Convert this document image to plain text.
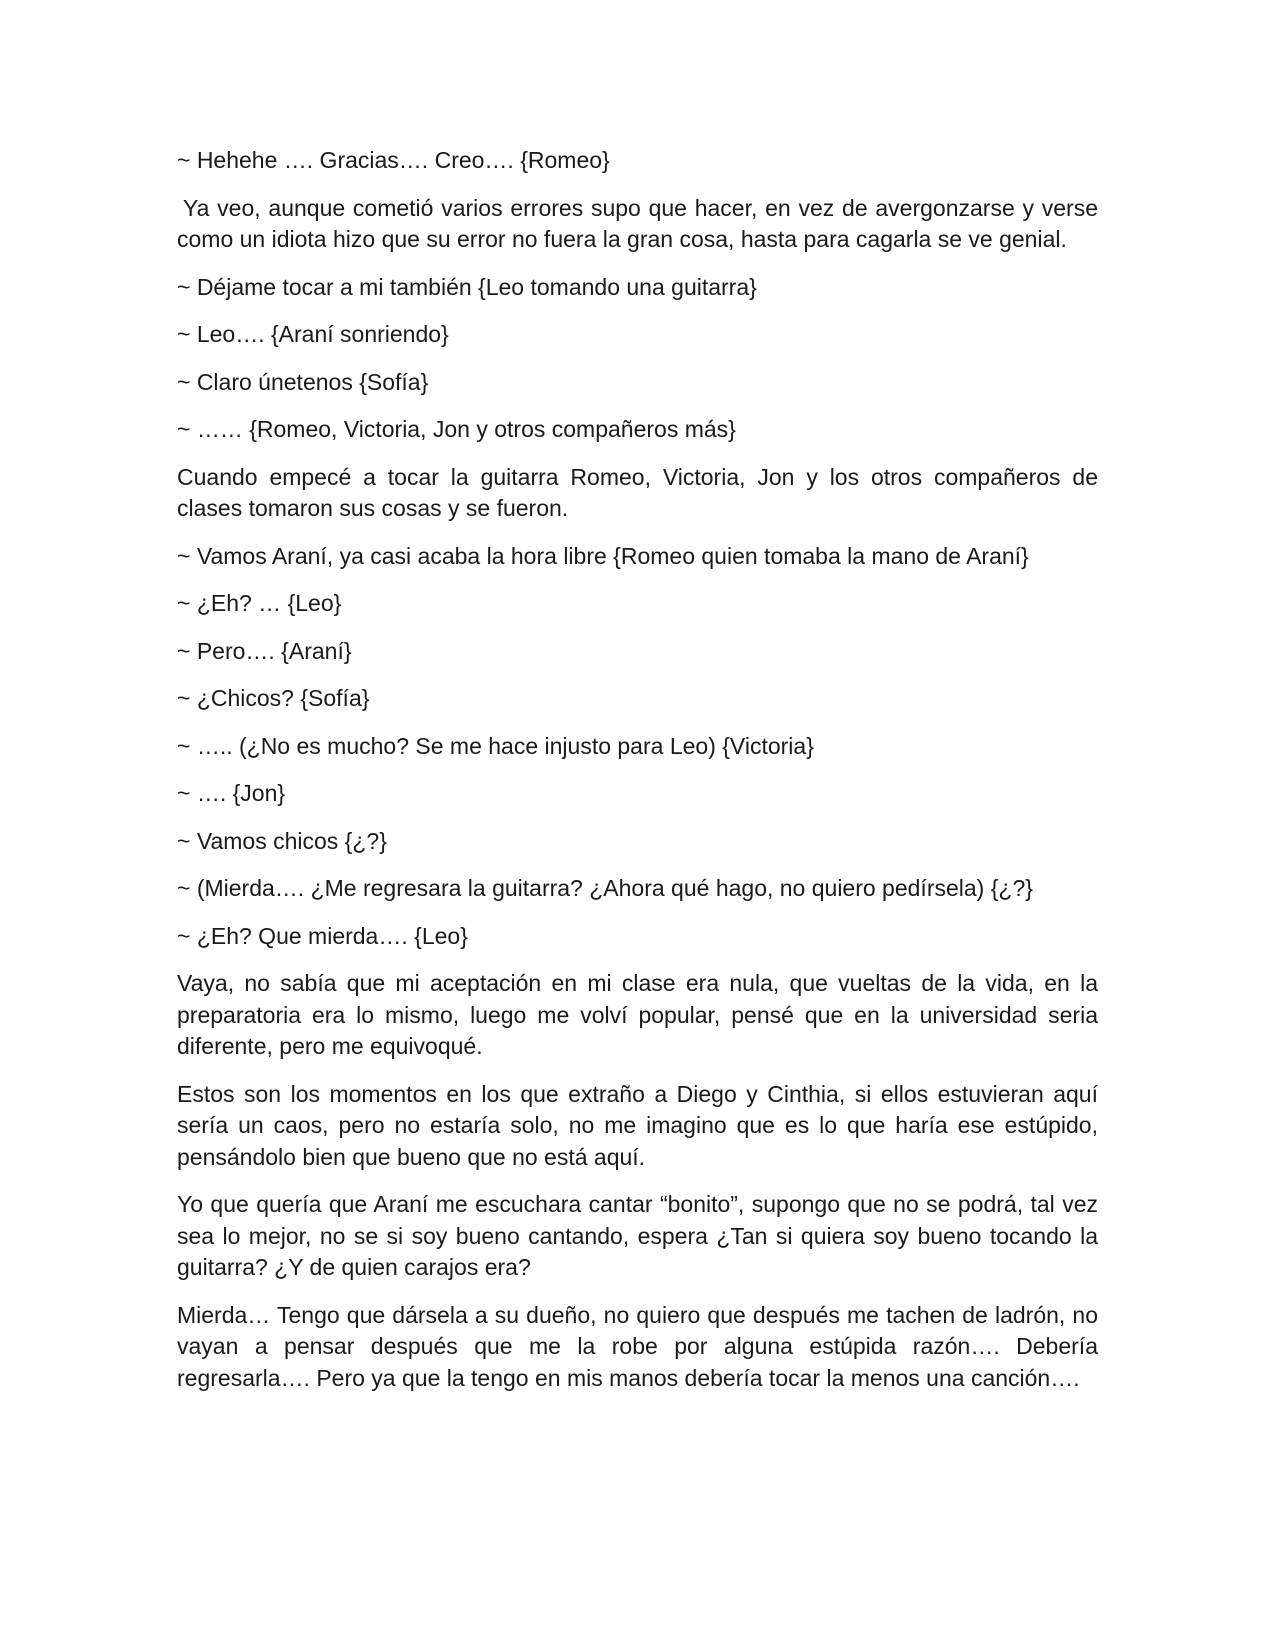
~ Hehehe …. Gracias…. Creo…. {Romeo}

Ya veo, aunque cometió varios errores supo que hacer, en vez de avergonzarse y verse como un idiota hizo que su error no fuera la gran cosa, hasta para cagarla se ve genial.

~ Déjame tocar a mi también {Leo tomando una guitarra}

~ Leo…. {Araní sonriendo}

~ Claro únetenos {Sofía}

~ …… {Romeo, Victoria, Jon y otros compañeros más}

Cuando empecé a tocar la guitarra Romeo, Victoria, Jon y los otros compañeros de clases tomaron sus cosas y se fueron.

~ Vamos Araní, ya casi acaba la hora libre {Romeo quien tomaba la mano de Araní}

~ ¿Eh? … {Leo}

~ Pero…. {Araní}

~ ¿Chicos? {Sofía}

~ ….. (¿No es mucho? Se me hace injusto para Leo) {Victoria}

~ …. {Jon}

~ Vamos chicos {¿?}

~ (Mierda…. ¿Me regresara la guitarra? ¿Ahora qué hago, no quiero pedírsela) {¿?}

~ ¿Eh? Que mierda…. {Leo}

Vaya, no sabía que mi aceptación en mi clase era nula, que vueltas de la vida, en la preparatoria era lo mismo, luego me volví popular, pensé que en la universidad seria diferente, pero me equivoqué.

Estos son los momentos en los que extraño a Diego y Cinthia, si ellos estuvieran aquí sería un caos, pero no estaría solo, no me imagino que es lo que haría ese estúpido, pensándolo bien que bueno que no está aquí.

Yo que quería que Araní me escuchara cantar “bonito”, supongo que no se podrá, tal vez sea lo mejor, no se si soy bueno cantando, espera ¿Tan si quiera soy bueno tocando la guitarra? ¿Y de quien carajos era?

Mierda… Tengo que dársela a su dueño, no quiero que después me tachen de ladrón, no vayan a pensar después que me la robe por alguna estúpida razón…. Debería regresarla…. Pero ya que la tengo en mis manos debería tocar la menos una canción….
